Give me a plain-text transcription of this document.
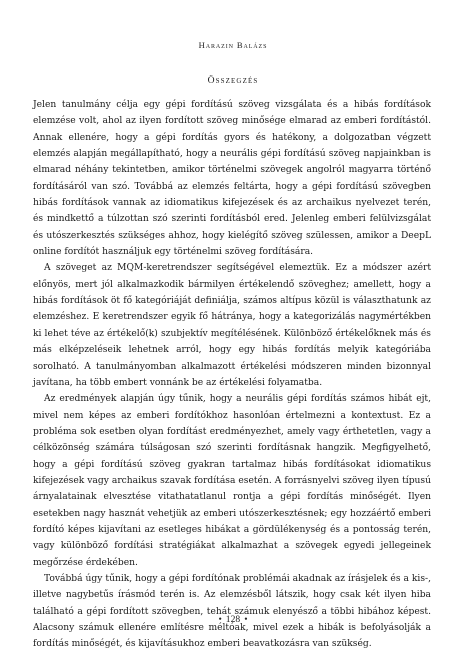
Harazin Balázs
Összegzés

Jelen tanulmány célja egy gépi fordítású szöveg vizsgálata és a hibás fordítások elemzése volt, ahol az ilyen fordított szöveg minősége elmarad az emberi fordítástól. Annak ellenére, hogy a gépi fordítás gyors és hatékony, a dolgozatban végzett elemzés alapján megállapítható, hogy a neurális gépi fordítású szöveg napjainkban is elmarad néhány tekintetben, amikor történelmi szövegek angolról magyarra történő fordításáról van szó. Továbbá az elemzés feltárta, hogy a gépi fordítású szövegben hibás fordítások vannak az idiomatikus kifejezések és az archaikus nyelvezet terén, és mindkettő a túlzottan szó szerinti fordításból ered. Jelenleg emberi felülvizsgálat és utószerkesztés szükséges ahhoz, hogy kielégítő szöveg szülessen, amikor a DeepL online fordítót használjuk egy történelmi szöveg fordítására.

A szöveget az MQM-keretrendszer segítségével elemeztük. Ez a módszer azért előnyös, mert jól alkalmazkodik bármilyen értékelendő szöveghez; amellett, hogy a hibás fordítások öt fő kategóriáját definiálja, számos altípus közül is választhatunk az elemzéshez. E keretrendszer egyik fő hátránya, hogy a kategorizálás nagymértékben ki lehet téve az értékelő(k) szubjektív megítélésének. Különböző értékelőknek más és más elképzeléseik lehetnek arról, hogy egy hibás fordítás melyik kategóriába sorolható. A tanulmányomban alkalmazott értékelési módszeren minden bizonnyal javítana, ha több embert vonnánk be az értékelési folyamatba.

Az eredmények alapján úgy tűnik, hogy a neurális gépi fordítás számos hibát ejt, mivel nem képes az emberi fordítókhoz hasonlóan értelmezni a kontextust. Ez a probléma sok esetben olyan fordítást eredményezhet, amely vagy érthetetlen, vagy a célközönség számára túlságosan szó szerinti fordításnak hangzik. Megfigyelhető, hogy a gépi fordítású szöveg gyakran tartalmaz hibás fordításokat idiomatikus kifejezések vagy archaikus szavak fordítása esetén. A forrásnyelvi szöveg ilyen típusú árnyalatainak elvesztése vitathatatlanul rontja a gépi fordítás minőségét. Ilyen esetekben nagy hasznát vehetjük az emberi utószerkesztésnek; egy hozzáértő emberi fordító képes kijavítani az esetleges hibákat a gördülékenység és a pontosság terén, vagy különböző fordítási stratégiákat alkalmazhat a szövegek egyedi jellegeinek megőrzése érdekében.

Továbbá úgy tűnik, hogy a gépi fordítónak problémái akadnak az írásjelek és a kis-, illetve nagybetűs írásmód terén is. Az elemzésből látszik, hogy csak két ilyen hiba található a gépi fordított szövegben, tehát számuk elenyésző a többi hibához képest. Alacsony számuk ellenére említésre méltóak, mivel ezek a hibák is befolyásolják a fordítás minőségét, és kijavításukhoz emberi beavatkozásra van szükség.

• 128 •
